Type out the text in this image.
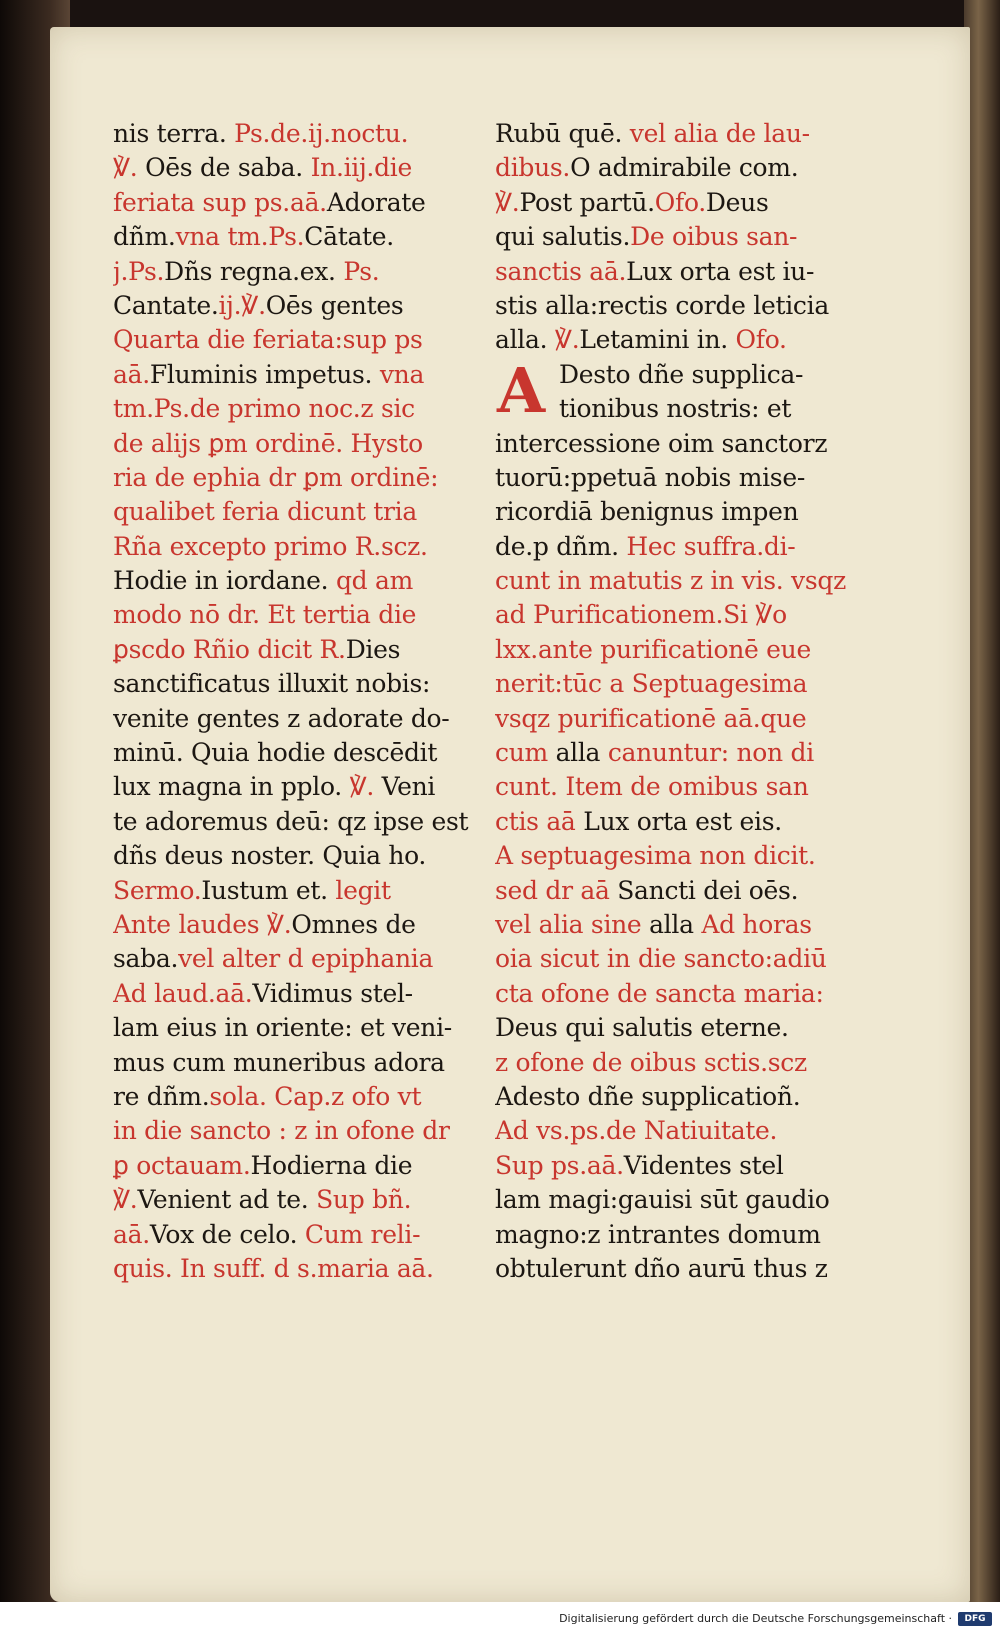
nis terra. Ps.de.ij.noctu.
℣. Oēs de saba. In.iij.die
feriata sup ps.aā.Adorate
dñm.vna tm.Ps.Cātate.
j.Ps.Dñs regna.ex. Ps.
Cantate.ij.℣.Oēs gentes
Quarta die feriata:sup ps
aā.Fluminis impetus. vna
tm.Ps.de primo noc.z sic
de alijs ꝑm ordinē. Hysto
ria de ephia dr ꝑm ordinē:
qualibet feria dicunt tria
Rña excepto primo R.scz.
Hodie in iordane. qd am
modo nō dr. Et tertia die
ꝑscdo Rñio dicit R.Dies
sanctificatus illuxit nobis:
venite gentes z adorate do-
minū. Quia hodie descēdit
lux magna in pplo. ℣. Veni
te adoremus deū: qz ipse est
dñs deus noster. Quia ho.
Sermo.Iustum et. legit
Ante laudes ℣.Omnes de
saba.vel alter d epiphania
Ad laud.aā.Vidimus stel-
lam eius in oriente: et veni-
mus cum muneribus adora
re dñm.sola. Cap.z ofo vt
in die sancto : z in ofone dr
ꝑ octauam.Hodierna die
℣.Venient ad te. Sup bñ.
aā.Vox de celo. Cum reli-
quis. In suff. d s.maria aā.
Rubū quē. vel alia de lau-
dibus.O admirabile com.
℣.Post partū.Ofo.Deus
qui salutis.De oibus san-
sanctis aā.Lux orta est iu-
stis alla:rectis corde leticia
alla. ℣.Letamini in. Ofo.
A Desto dñe supplica-
tionibus nostris: et
intercessione oim sanctorz
tuorū:ppetuā nobis mise-
ricordiā benignus impen
de.p dñm. Hec suffra.di-
cunt in matutis z in vis. vsqz
ad Purificationem.Si ℣o
lxx.ante purificationē eue
nerit:tūc a Septuagesima
vsqz purificationē aā.que
cum alla canuntur: non di
cunt. Item de omibus san
ctis aā Lux orta est eis.
A septuagesima non dicit.
sed dr aā Sancti dei oēs.
vel alia sine alla Ad horas
oia sicut in die sancto:adiū
cta ofone de sancta maria:
Deus qui salutis eterne.
z ofone de oibus sctis.scz
Adesto dñe supplicatioñ.
Ad vs.ps.de Natiuitate.
Sup ps.aā.Videntes stel
lam magi:gauisi sūt gaudio
magno:z intrantes domum
obtulerunt dño aurū thus z
Digitalisierung gefördert durch die Deutsche Forschungsgemeinschaft ·	DFG
